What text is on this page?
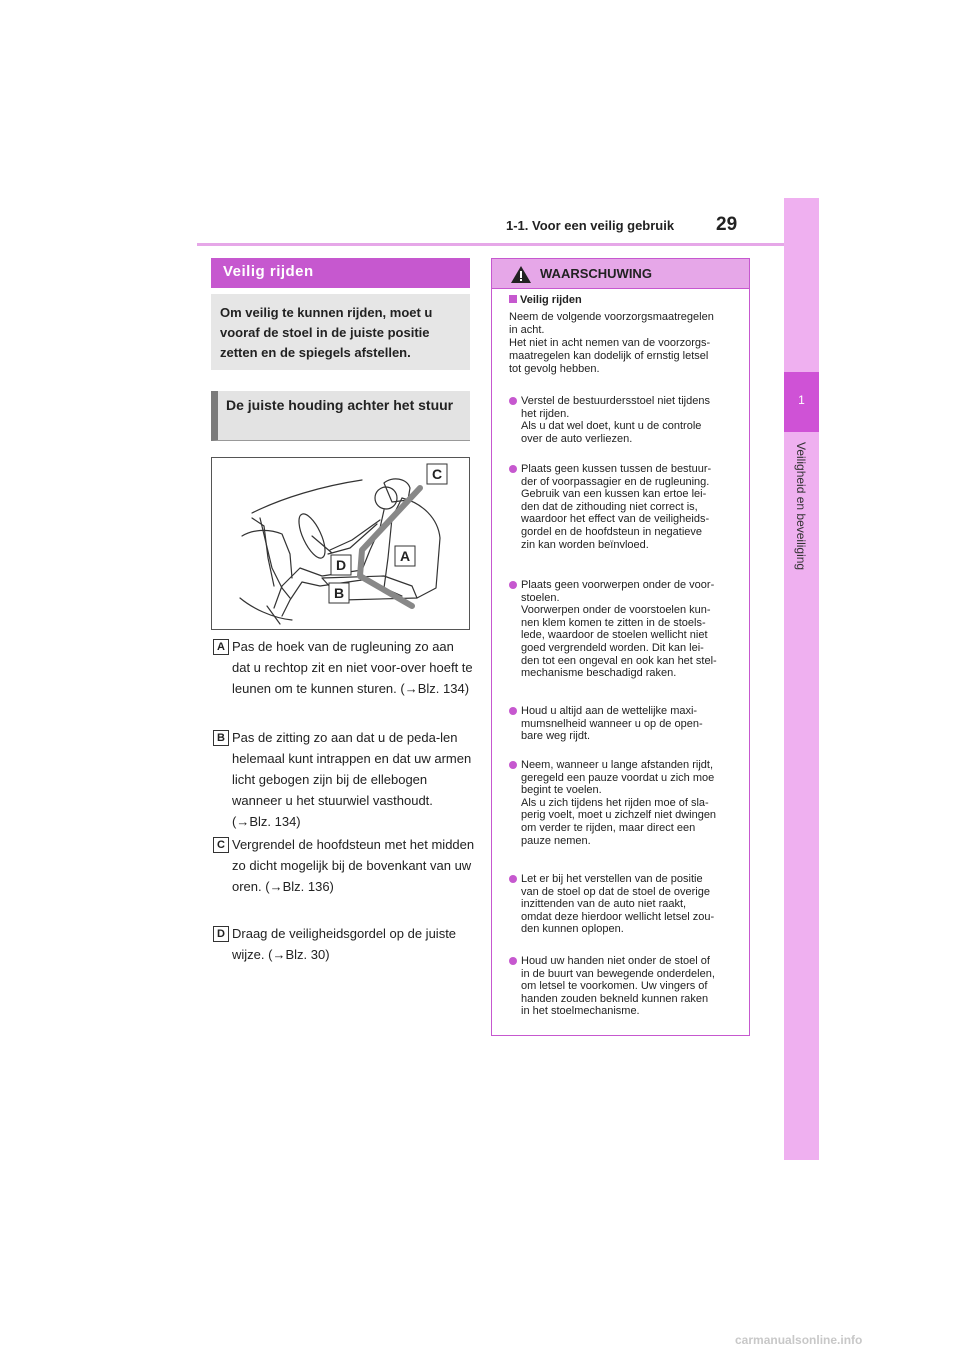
1-1. Voor een veilig gebruik 29
1
Veiligheid en beveiliging
Veilig rijden
Om veilig te kunnen rijden, moet u vooraf de stoel in de juiste positie zetten en de spiegels afstellen.
De juiste houding achter het stuur
C
A
D
B
A Pas de hoek van de rugleuning zo aan dat u rechtop zit en niet voor-over hoeft te leunen om te kunnen sturen. (→Blz. 134)
B Pas de zitting zo aan dat u de peda-len helemaal kunt intrappen en dat uw armen licht gebogen zijn bij de ellebogen wanneer u het stuurwiel vasthoudt. (→Blz. 134)
C Vergrendel de hoofdsteun met het midden zo dicht mogelijk bij de bovenkant van uw oren. (→Blz. 136)
D Draag de veiligheidsgordel op de juiste wijze. (→Blz. 30)
WAARSCHUWING
Veilig rijden
Neem de volgende voorzorgsmaatregelen
in acht.
Het niet in acht nemen van de voorzorgs-
maatregelen kan dodelijk of ernstig letsel
tot gevolg hebben.
Verstel de bestuurdersstoel niet tijdens
het rijden.
Als u dat wel doet, kunt u de controle
over de auto verliezen.
Plaats geen kussen tussen de bestuur-
der of voorpassagier en de rugleuning.
Gebruik van een kussen kan ertoe lei-
den dat de zithouding niet correct is,
waardoor het effect van de veiligheids-
gordel en de hoofdsteun in negatieve
zin kan worden beïnvloed.
Plaats geen voorwerpen onder de voor-
stoelen.
Voorwerpen onder de voorstoelen kun-
nen klem komen te zitten in de stoels-
lede, waardoor de stoelen wellicht niet
goed vergrendeld worden. Dit kan lei-
den tot een ongeval en ook kan het stel-
mechanisme beschadigd raken.
Houd u altijd aan de wettelijke maxi-
mumsnelheid wanneer u op de open-
bare weg rijdt.
Neem, wanneer u lange afstanden rijdt,
geregeld een pauze voordat u zich moe
begint te voelen.
Als u zich tijdens het rijden moe of sla-
perig voelt, moet u zichzelf niet dwingen
om verder te rijden, maar direct een
pauze nemen.
Let er bij het verstellen van de positie
van de stoel op dat de stoel de overige
inzittenden van de auto niet raakt,
omdat deze hierdoor wellicht letsel zou-
den kunnen oplopen.
Houd uw handen niet onder de stoel of
in de buurt van bewegende onderdelen,
om letsel te voorkomen. Uw vingers of
handen zouden bekneld kunnen raken
in het stoelmechanisme.
carmanualsonline.info
